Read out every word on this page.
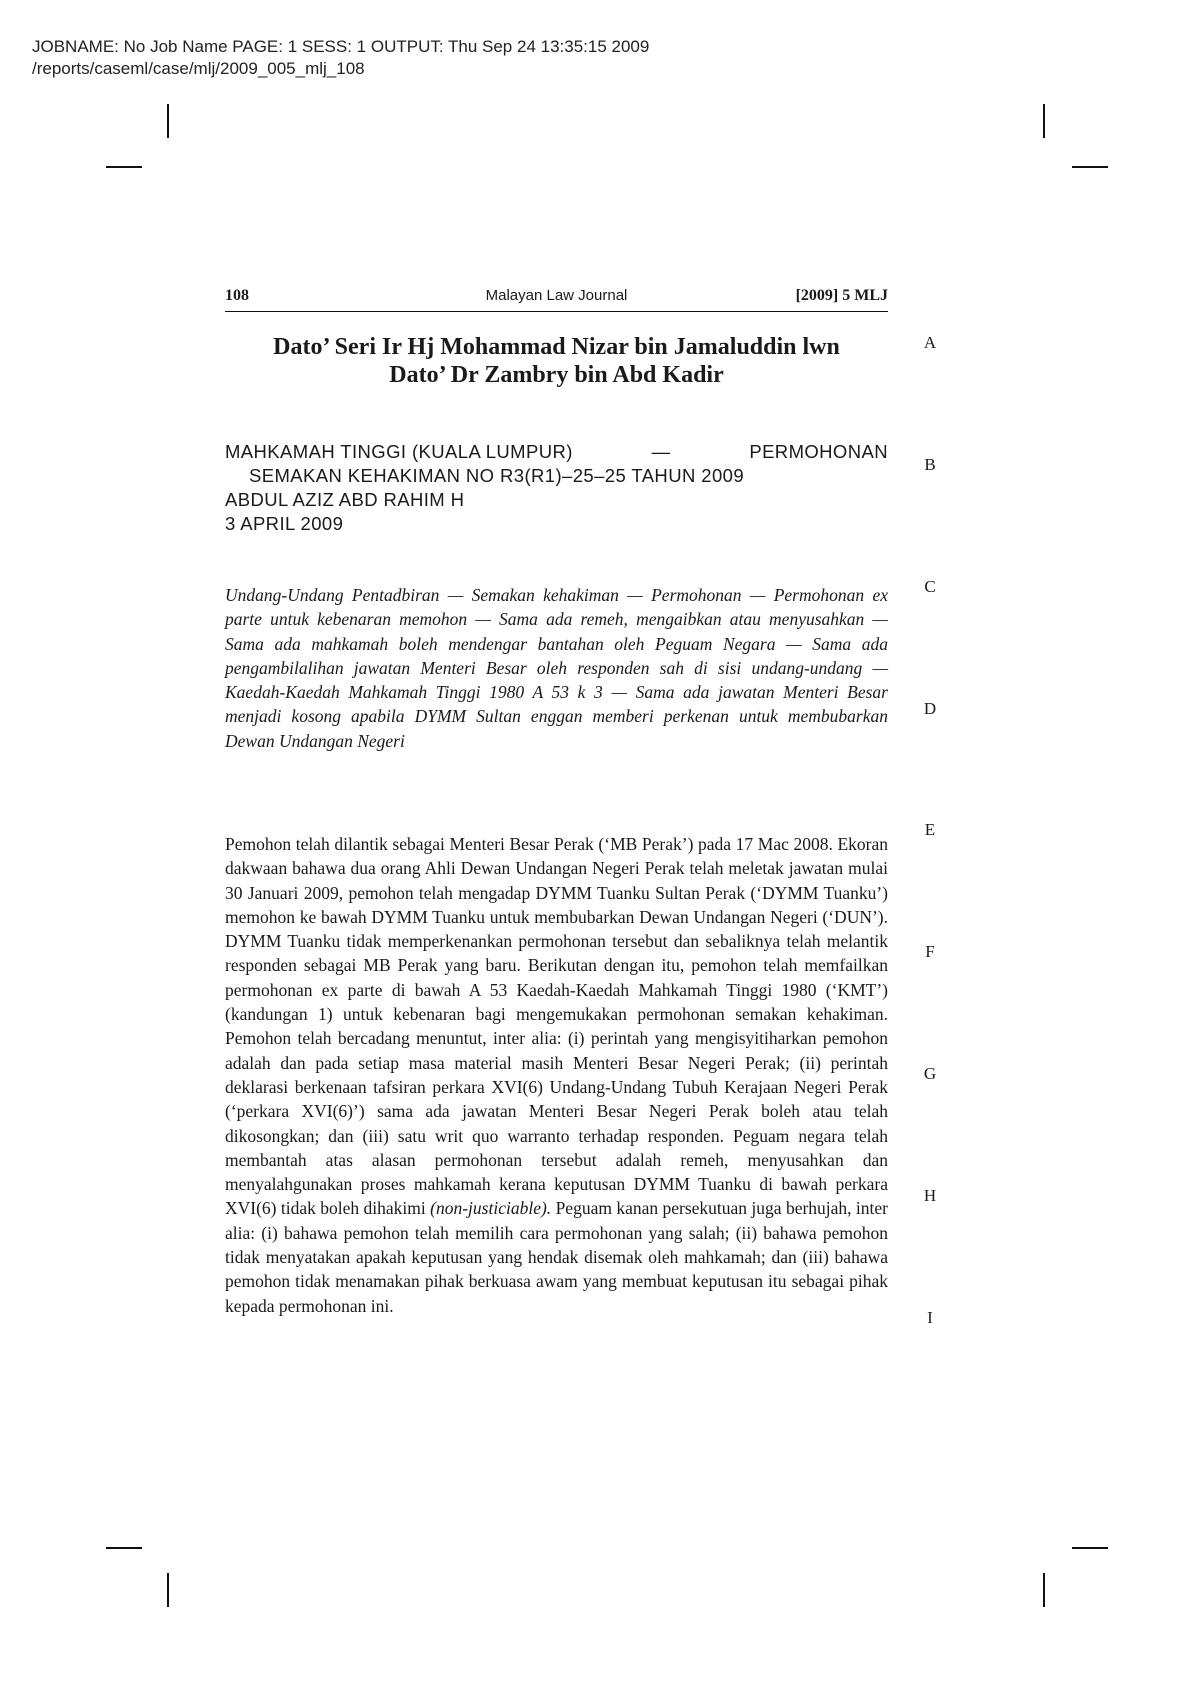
JOBNAME: No Job Name PAGE: 1 SESS: 1 OUTPUT: Thu Sep 24 13:35:15 2009
/reports/caseml/case/mlj/2009_005_mlj_108
Malayan Law Journal
108	[2009] 5 MLJ
Dato’ Seri Ir Hj Mohammad Nizar bin Jamaluddin lwn
Dato’ Dr Zambry bin Abd Kadir
MAHKAMAH TINGGI (KUALA LUMPUR)	—	PERMOHONAN
SEMAKAN KEHAKIMAN NO R3(R1)–25–25 TAHUN 2009
ABDUL AZIZ ABD RAHIM H
3 APRIL 2009
Undang-Undang Pentadbiran — Semakan kehakiman — Permohonan — Permohonan ex parte untuk kebenaran memohon — Sama ada remeh, mengaibkan atau menyusahkan — Sama ada mahkamah boleh mendengar bantahan oleh Peguam Negara — Sama ada pengambilalihan jawatan Menteri Besar oleh responden sah di sisi undang-undang — Kaedah-Kaedah Mahkamah Tinggi 1980 A 53 k 3 — Sama ada jawatan Menteri Besar menjadi kosong apabila DYMM Sultan enggan memberi perkenan untuk membubarkan Dewan Undangan Negeri
Pemohon telah dilantik sebagai Menteri Besar Perak (‘MB Perak’) pada 17 Mac 2008. Ekoran dakwaan bahawa dua orang Ahli Dewan Undangan Negeri Perak telah meletak jawatan mulai 30 Januari 2009, pemohon telah mengadap DYMM Tuanku Sultan Perak (‘DYMM Tuanku’) memohon ke bawah DYMM Tuanku untuk membubarkan Dewan Undangan Negeri (‘DUN’). DYMM Tuanku tidak memperkenankan permohonan tersebut dan sebaliknya telah melantik responden sebagai MB Perak yang baru. Berikutan dengan itu, pemohon telah memfailkan permohonan ex parte di bawah A 53 Kaedah-Kaedah Mahkamah Tinggi 1980 (‘KMT’) (kandungan 1) untuk kebenaran bagi mengemukakan permohonan semakan kehakiman. Pemohon telah bercadang menuntut, inter alia: (i) perintah yang mengisyitiharkan pemohon adalah dan pada setiap masa material masih Menteri Besar Negeri Perak; (ii) perintah deklarasi berkenaan tafsiran perkara XVI(6) Undang-Undang Tubuh Kerajaan Negeri Perak (‘perkara XVI(6)’) sama ada jawatan Menteri Besar Negeri Perak boleh atau telah dikosongkan; dan (iii) satu writ quo warranto terhadap responden. Peguam negara telah membantah atas alasan permohonan tersebut adalah remeh, menyusahkan dan menyalahgunakan proses mahkamah kerana keputusan DYMM Tuanku di bawah perkara XVI(6) tidak boleh dihakimi (non-justiciable). Peguam kanan persekutuan juga berhujah, inter alia: (i) bahawa pemohon telah memilih cara permohonan yang salah; (ii) bahawa pemohon tidak menyatakan apakah keputusan yang hendak disemak oleh mahkamah; dan (iii) bahawa pemohon tidak menamakan pihak berkuasa awam yang membuat keputusan itu sebagai pihak kepada permohonan ini.
A
B
C
D
E
F
G
H
I
